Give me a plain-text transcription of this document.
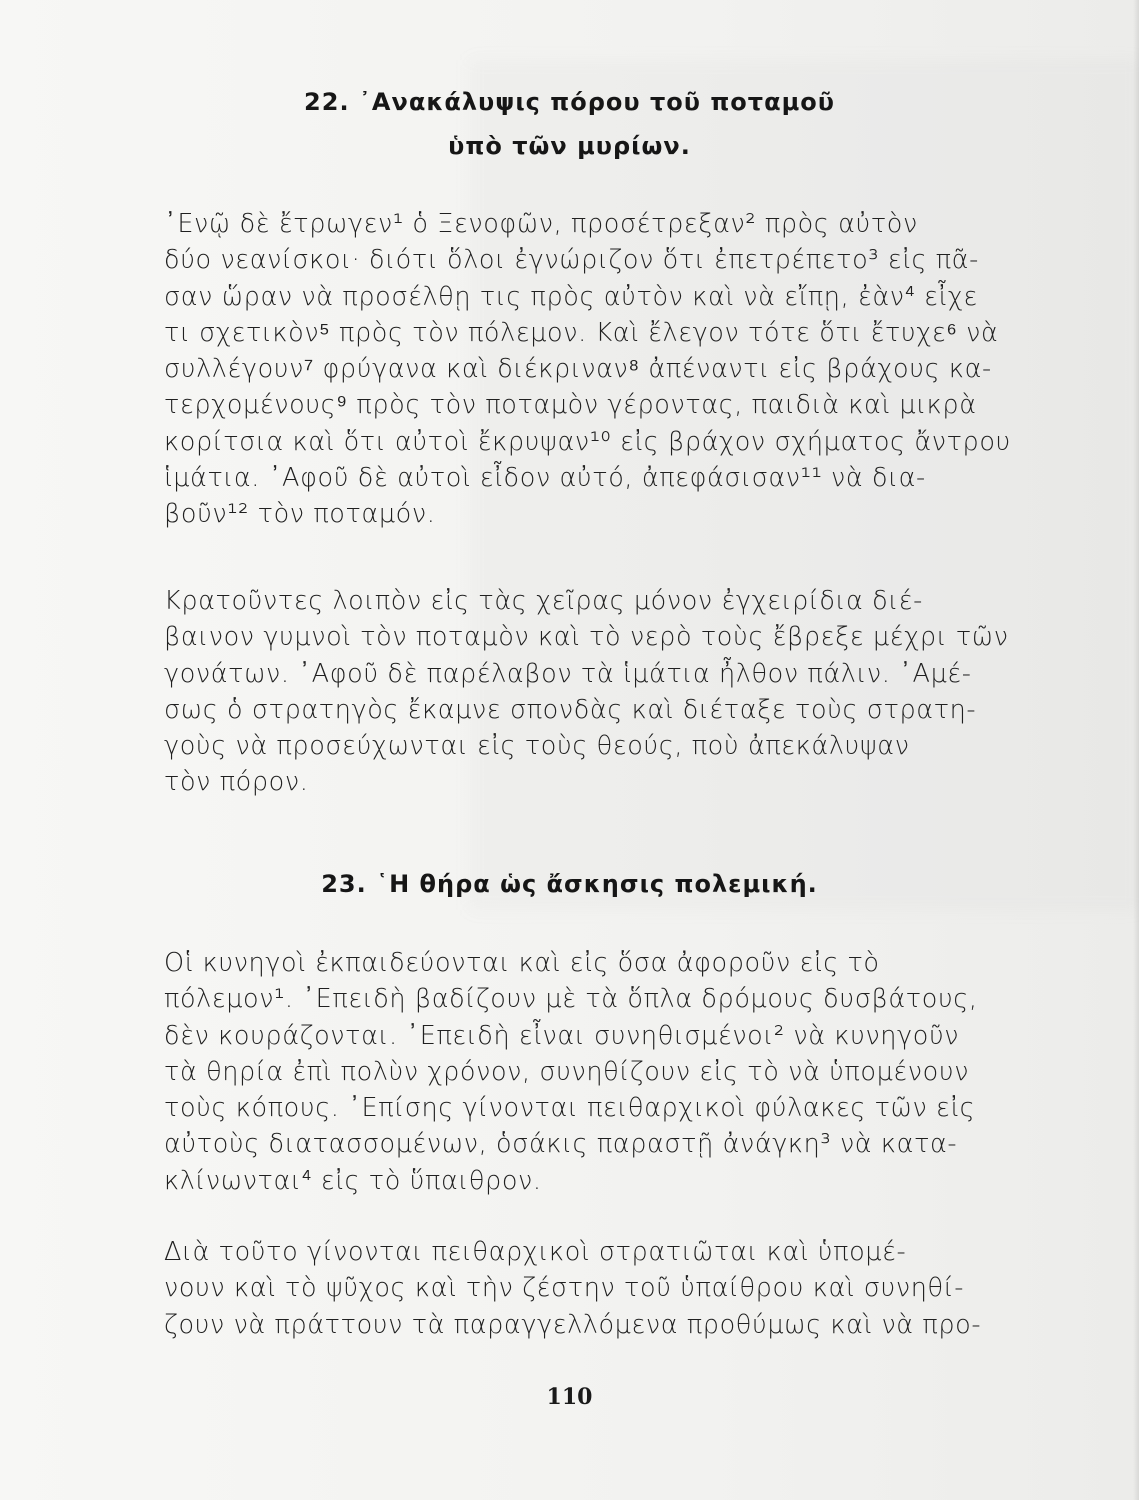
22. ᾿Ανακάλυψις πόρου τοῦ ποταμοῦ
ὑπὸ τῶν μυρίων.
᾿Ενῷ δὲ ἔτρωγεν¹ ὁ Ξενοφῶν, προσέτρεξαν² πρὸς αὐτὸν
δύο νεανίσκοι· διότι ὅλοι ἐγνώριζον ὅτι ἐπετρέπετο³ εἰς πᾶ-
σαν ὥραν νὰ προσέλθῃ τις πρὸς αὐτὸν καὶ νὰ εἴπῃ, ἐὰν⁴ εἶχε
τι σχετικὸν⁵ πρὸς τὸν πόλεμον. Καὶ ἔλεγον τότε ὅτι ἔτυχε⁶ νὰ
συλλέγουν⁷ φρύγανα καὶ διέκριναν⁸ ἀπέναντι εἰς βράχους κα-
τερχομένους⁹ πρὸς τὸν ποταμὸν γέροντας, παιδιὰ καὶ μικρὰ
κορίτσια καὶ ὅτι αὐτοὶ ἔκρυψαν¹⁰ εἰς βράχον σχήματος ἄντρου
ἱμάτια. ᾿Αφοῦ δὲ αὐτοὶ εἶδον αὐτό, ἀπεφάσισαν¹¹ νὰ δια-
βοῦν¹² τὸν ποταμόν.
Κρατοῦντες λοιπὸν εἰς τὰς χεῖρας μόνον ἐγχειρίδια διέ-
βαινον γυμνοὶ τὸν ποταμὸν καὶ τὸ νερὸ τοὺς ἔβρεξε μέχρι τῶν
γονάτων. ᾿Αφοῦ δὲ παρέλαβον τὰ ἱμάτια ἦλθον πάλιν. ᾿Αμέ-
σως ὁ στρατηγὸς ἔκαμνε σπονδὰς καὶ διέταξε τοὺς στρατη-
γοὺς νὰ προσεύχωνται εἰς τοὺς θεούς, ποὺ ἀπεκάλυψαν
τὸν πόρον.
23. ῾Η θήρα ὡς ἄσκησις πολεμική.
Οἱ κυνηγοὶ ἐκπαιδεύονται καὶ εἰς ὅσα ἀφοροῦν εἰς τὸ
πόλεμον¹. ᾿Επειδὴ βαδίζουν μὲ τὰ ὅπλα δρόμους δυσβάτους,
δὲν κουράζονται. ᾿Επειδὴ εἶναι συνηθισμένοι² νὰ κυνηγοῦν
τὰ θηρία ἐπὶ πολὺν χρόνον, συνηθίζουν εἰς τὸ νὰ ὑπομένουν
τοὺς κόπους. ᾿Επίσης γίνονται πειθαρχικοὶ φύλακες τῶν εἰς
αὐτοὺς διατασσομένων, ὁσάκις παραστῇ ἀνάγκη³ νὰ κατα-
κλίνωνται⁴ εἰς τὸ ὕπαιθρον.
Διὰ τοῦτο γίνονται πειθαρχικοὶ στρατιῶται καὶ ὑπομέ-
νουν καὶ τὸ ψῦχος καὶ τὴν ζέστην τοῦ ὑπαίθρου καὶ συνηθί-
ζουν νὰ πράττουν τὰ παραγγελλόμενα προθύμως καὶ νὰ προ-
110
